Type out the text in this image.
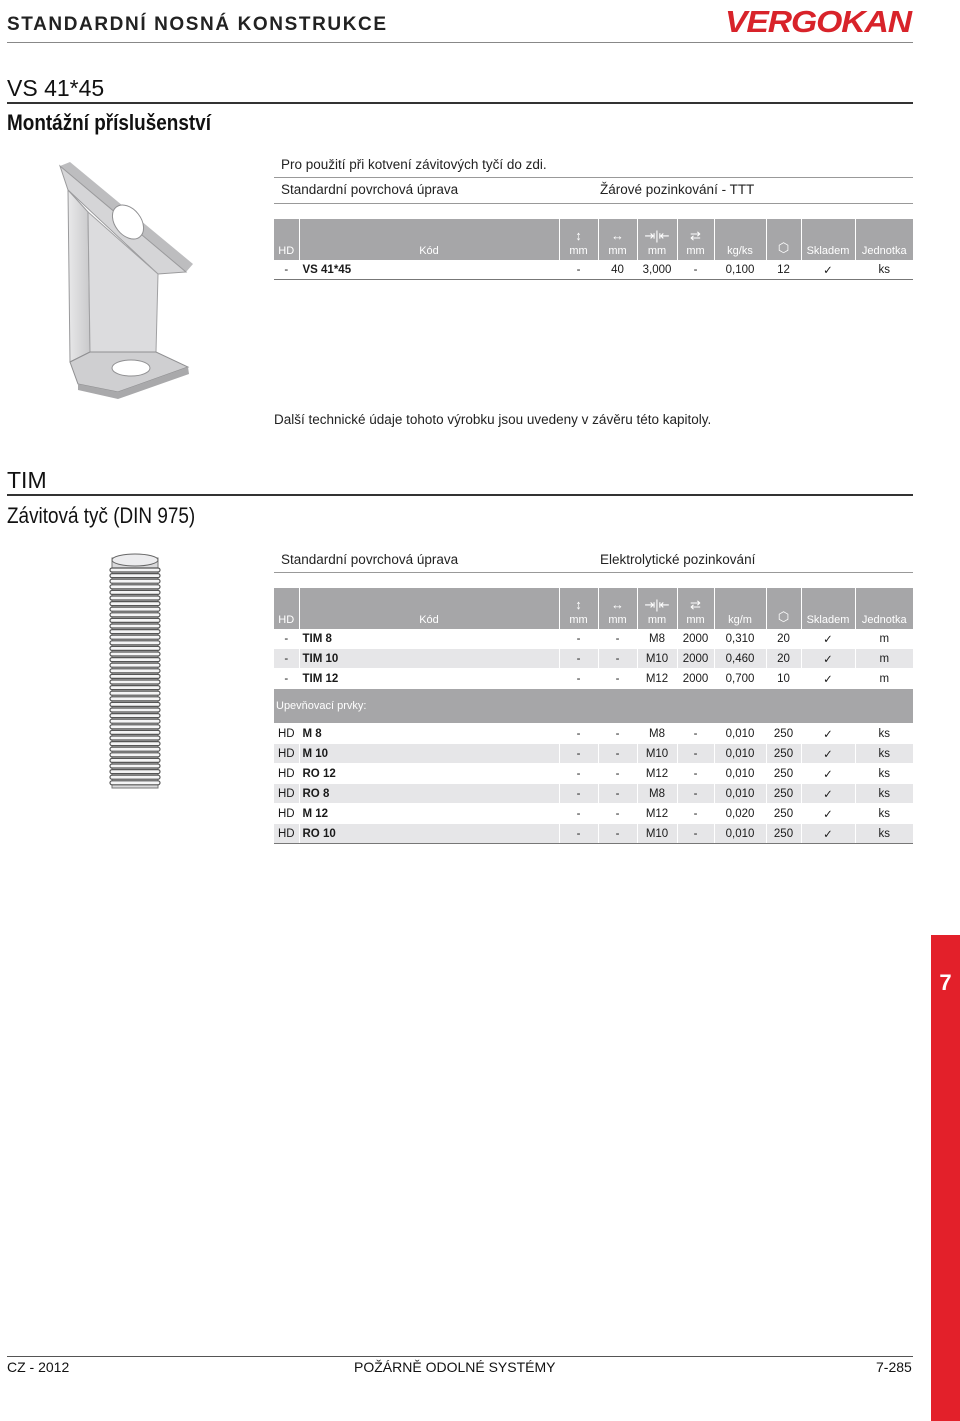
STANDARDNÍ NOSNÁ KONSTRUKCE	VERGOKAN
VS 41*45
Montážní příslušenství
Pro použití při kotvení závitových tyčí do zdi.
Standardní povrchová úprava	Žárové pozinkování - TTT
HD	Kód	↕
mm	↔
mm	⇥|⇤
mm	⇄
mm	kg/ks	⬡	Skladem	Jednotka
-	VS 41*45	-	40	3,000	-	0,100	12	✓	ks
Další technické údaje tohoto výrobku jsou uvedeny v závěru této kapitoly.
TIM
Závitová tyč (DIN 975)
Standardní povrchová úprava	Elektrolytické pozinkování
HD	Kód	↕
mm	↔
mm	⇥|⇤
mm	⇄
mm	kg/m	⬡	Skladem	Jednotka
-	TIM 8	-	-	M8	2000	0,310	20	✓	m
-	TIM 10	-	-	M10	2000	0,460	20	✓	m
-	TIM 12	-	-	M12	2000	0,700	10	✓	m
Upevňovací prvky:									
HD	M 8	-	-	M8	-	0,010	250	✓	ks
HD	M 10	-	-	M10	-	0,010	250	✓	ks
HD	RO 12	-	-	M12	-	0,010	250	✓	ks
HD	RO 8	-	-	M8	-	0,010	250	✓	ks
HD	M 12	-	-	M12	-	0,020	250	✓	ks
HD	RO 10	-	-	M10	-	0,010	250	✓	ks
7
CZ - 2012	POŽÁRNĚ ODOLNÉ SYSTÉMY	7-285
